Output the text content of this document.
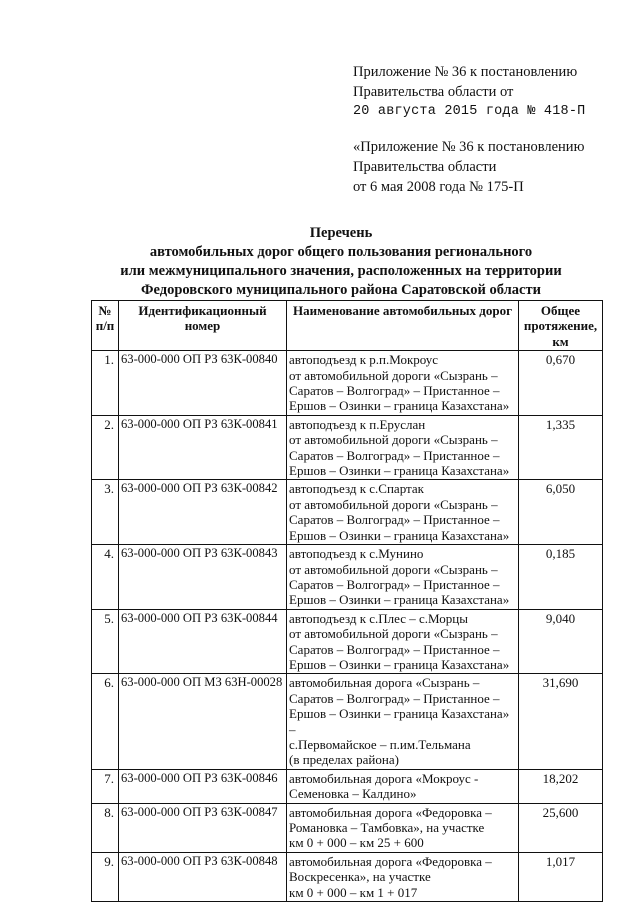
Приложение № 36 к постановлению
Правительства области от
20 августа 2015 года № 418-П
«Приложение № 36 к постановлению
Правительства области
от 6 мая 2008 года № 175-П
Перечень
автомобильных дорог общего пользования регионального
или межмуниципального значения, расположенных на территории
Федоровского муниципального района Саратовской области
№ п/п	Идентификационный номер	Наименование автомобильных дорог	Общее протяжение, км
1.	63-000-000 ОП РЗ 63К-00840	автоподъезд к р.п.Мокроус
от автомобильной дороги «Сызрань –
Саратов – Волгоград» – Пристанное –
Ершов – Озинки – граница Казахстана»	0,670
2.	63-000-000 ОП РЗ 63К-00841	автоподъезд к п.Еруслан
от автомобильной дороги «Сызрань –
Саратов – Волгоград» – Пристанное –
Ершов – Озинки – граница Казахстана»	1,335
3.	63-000-000 ОП РЗ 63К-00842	автоподъезд к с.Спартак
от автомобильной дороги «Сызрань –
Саратов – Волгоград» – Пристанное –
Ершов – Озинки – граница Казахстана»	6,050
4.	63-000-000 ОП РЗ 63К-00843	автоподъезд к с.Мунино
от автомобильной дороги «Сызрань –
Саратов – Волгоград» – Пристанное –
Ершов – Озинки – граница Казахстана»	0,185
5.	63-000-000 ОП РЗ 63К-00844	автоподъезд к с.Плес – с.Морцы
от автомобильной дороги «Сызрань –
Саратов – Волгоград» – Пристанное –
Ершов – Озинки – граница Казахстана»	9,040
6.	63-000-000 ОП МЗ 63Н-00028	автомобильная дорога «Сызрань –
Саратов – Волгоград» – Пристанное –
Ершов – Озинки – граница Казахстана» –
с.Первомайское – п.им.Тельмана
(в пределах района)	31,690
7.	63-000-000 ОП РЗ 63К-00846	автомобильная дорога «Мокроус -
Семеновка – Калдино»	18,202
8.	63-000-000 ОП РЗ 63К-00847	автомобильная дорога «Федоровка –
Романовка – Тамбовка», на участке
км 0 + 000 – км 25 + 600	25,600
9.	63-000-000 ОП РЗ 63К-00848	автомобильная дорога «Федоровка –
Воскресенка», на участке
км 0 + 000 – км 1 + 017	1,017
